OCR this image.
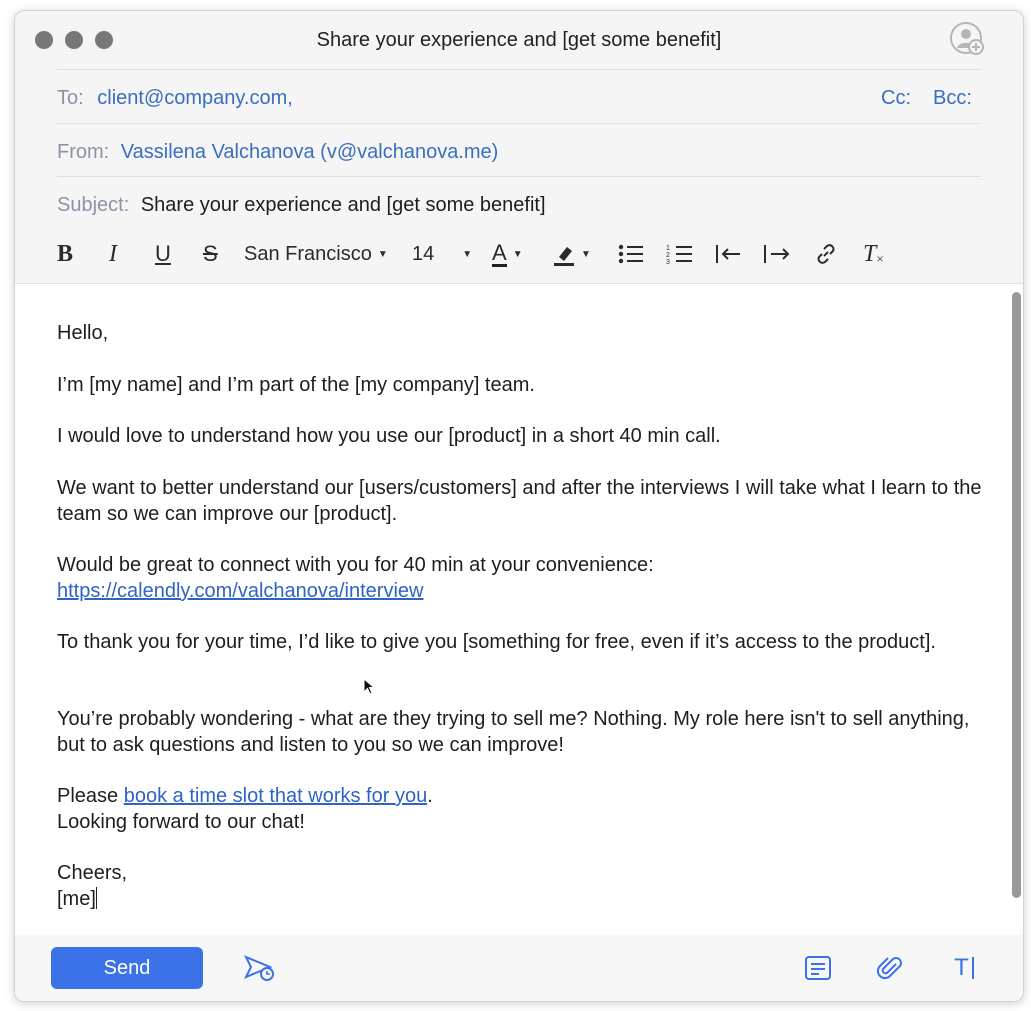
Share your experience and [get some benefit]
To: client@company.com,	Cc: Bcc:
From: Vassilena Valchanova (v@valchanova.me)
Subject: Share your experience and [get some benefit]
B I U S San Francisco ▼ 14	▼ A ▼	▼	1
2
3	T ×
Hello,
I’m [my name] and I’m part of the [my company] team.
I would love to understand how you use our [product] in a short 40 min call.
We want to better understand our [users/customers] and after the interviews I will take what I learn to the team so we can improve our [product].
Would be great to connect with you for 40 min at your convenience:
https://calendly.com/valchanova/interview
To thank you for your time, I’d like to give you [something for free, even if it’s access to the product].
You’re probably wondering - what are they trying to sell me? Nothing. My role here isn't to sell anything, but to ask questions and listen to you so we can improve!
Please book a time slot that works for you.
Looking forward to our chat!
Cheers,
[me]
Send	T
